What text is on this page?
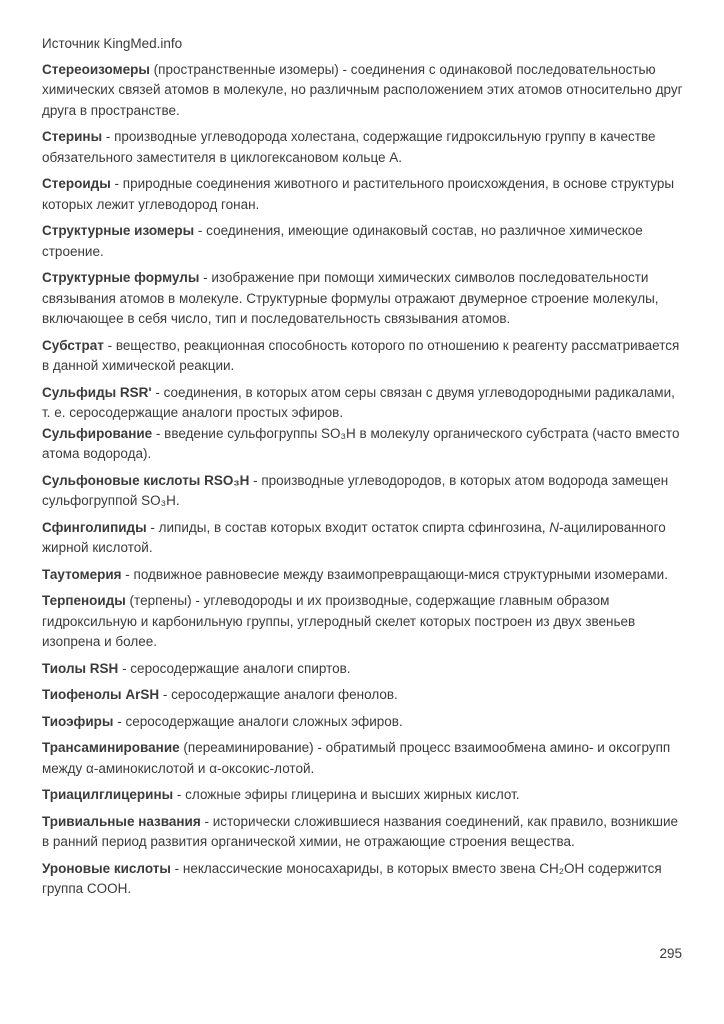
Источник KingMed.info

Стереоизомеры (пространственные изомеры) - соединения с одинаковой последовательностью химических связей атомов в молекуле, но различным расположением этих атомов относительно друг друга в пространстве.

Стерины - производные углеводорода холестана, содержащие гидроксильную группу в качестве обязательного заместителя в циклогексановом кольце А.

Стероиды - природные соединения животного и растительного происхождения, в основе структуры которых лежит углеводород гонан.

Структурные изомеры - соединения, имеющие одинаковый состав, но различное химическое строение.

Структурные формулы - изображение при помощи химических символов последовательности связывания атомов в молекуле. Структурные формулы отражают двумерное строение молекулы, включающее в себя число, тип и последовательность связывания атомов.

Субстрат - вещество, реакционная способность которого по отношению к реагенту рассматривается в данной химической реакции.

Сульфиды RSR' - соединения, в которых атом серы связан с двумя углеводородными радикалами, т. е. серосодержащие аналоги простых эфиров.

Сульфирование - введение сульфогруппы SO₃H в молекулу органического субстрата (часто вместо атома водорода).

Сульфоновые кислоты RSO₃H - производные углеводородов, в которых атом водорода замещен сульфогруппой SO₃H.

Сфинголипиды - липиды, в состав которых входит остаток спирта сфингозина, N-ацилированного жирной кислотой.

Таутомерия - подвижное равновесие между взаимопревращающи-мися структурными изомерами.

Терпеноиды (терпены) - углеводороды и их производные, содержащие главным образом гидроксильную и карбонильную группы, углеродный скелет которых построен из двух звеньев изопрена и более.

Тиолы RSH - серосодержащие аналоги спиртов.

Тиофенолы ArSH - серосодержащие аналоги фенолов.

Тиоэфиры - серосодержащие аналоги сложных эфиров.

Трансаминирование (переаминирование) - обратимый процесс взаимообмена амино- и оксогрупп между α-аминокислотой и α-оксокис-лотой.

Триацилглицерины - сложные эфиры глицерина и высших жирных кислот.

Тривиальные названия - исторически сложившиеся названия соединений, как правило, возникшие в ранний период развития органической химии, не отражающие строения вещества.

Уроновые кислоты - неклассические моносахариды, в которых вместо звена CH₂OH содержится группа COOH.

295
